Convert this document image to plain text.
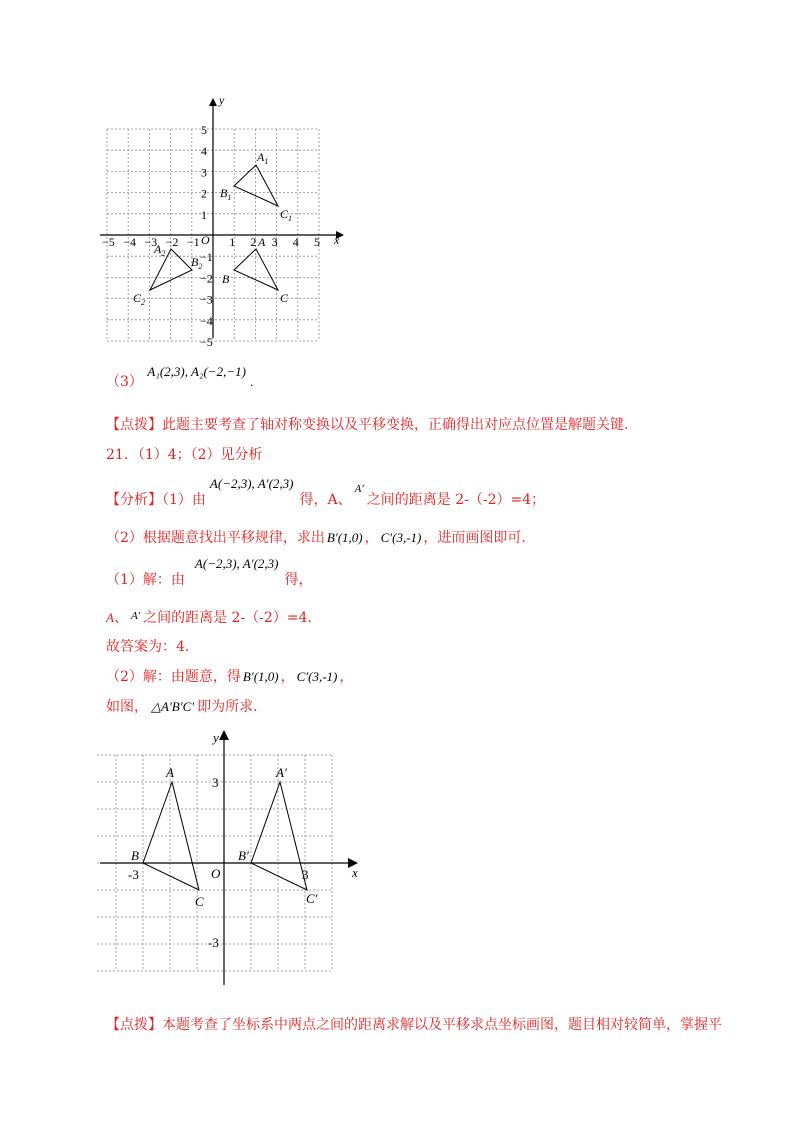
x
y
O
−5 −4 −3 −2 −1 1 2 3 4 5
1
2
3
4
5
−1
−2
−3
−4
−5
$A_1$
$B_1$
$C_1$
A
B
C
$A_2$
$B_2$
$C_2$
（3） A₁(2,3), A₂(−2,−1) .
【点拨】此题主要考查了轴对称变换以及平移变换，正确得出对应点位置是解题关键.
21．（1）4；（2）见分析
【分析】（1）由A(−2,3), A′(2,3)得，A、$^{A'}$之间的距离是 2-（-2）=4；
（2）根据题意找出平移规律，求出 B′(1,0) ， C′(3,-1) ，进而画图即可.
（1）解：由A(−2,3), A′(2,3)得，
A、 $^{A'}$ 之间的距离是 2-（-2）=4.
故答案为：4.
（2）解：由题意，得 B′(1,0) ， C′(3,-1) ，
如图， △A′B′C′ 即为所求.
x
y
O
3
-3
-3	3
A
B
C
A′
B′
C′
【点拨】本题考查了坐标系中两点之间的距离求解以及平移求点坐标画图，题目相对较简单，掌握平
